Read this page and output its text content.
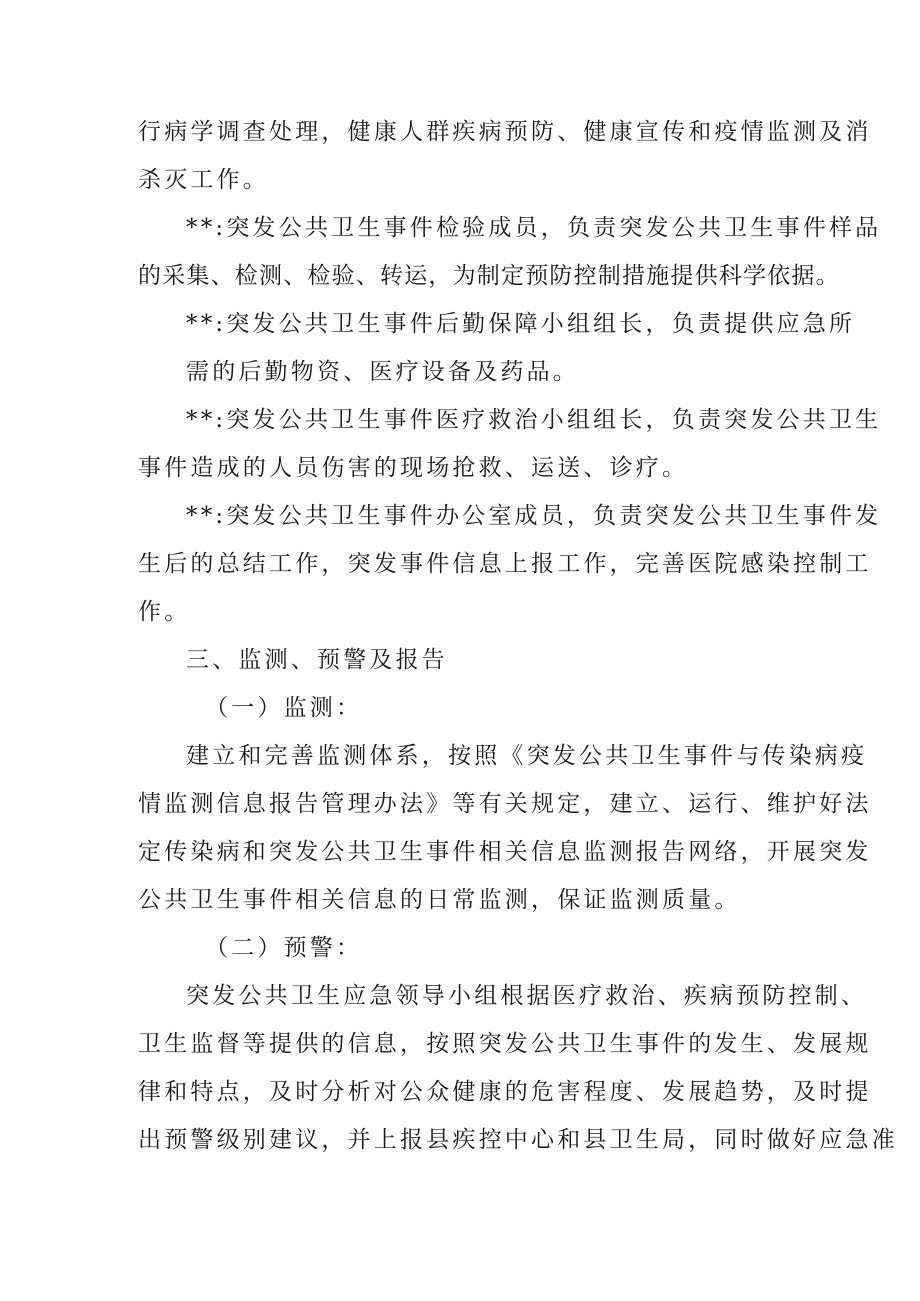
行病学调查处理，健康人群疾病预防、健康宣传和疫情监测及消
杀灭工作。
**:突发公共卫生事件检验成员，负责突发公共卫生事件样品
的采集、检测、检验、转运，为制定预防控制措施提供科学依据。
**:突发公共卫生事件后勤保障小组组长，负责提供应急所
需的后勤物资、医疗设备及药品。
**:突发公共卫生事件医疗救治小组组长，负责突发公共卫生
事件造成的人员伤害的现场抢救、运送、诊疗。
**:突发公共卫生事件办公室成员，负责突发公共卫生事件发
生后的总结工作，突发事件信息上报工作，完善医院感染控制工
作。
三、监测、预警及报告
（一）监测：
建立和完善监测体系，按照《突发公共卫生事件与传染病疫
情监测信息报告管理办法》等有关规定，建立、运行、维护好法
定传染病和突发公共卫生事件相关信息监测报告网络，开展突发
公共卫生事件相关信息的日常监测，保证监测质量。
（二）预警：
突发公共卫生应急领导小组根据医疗救治、疾病预防控制、
卫生监督等提供的信息，按照突发公共卫生事件的发生、发展规
律和特点，及时分析对公众健康的危害程度、发展趋势，及时提
出预警级别建议，并上报县疾控中心和县卫生局，同时做好应急准
